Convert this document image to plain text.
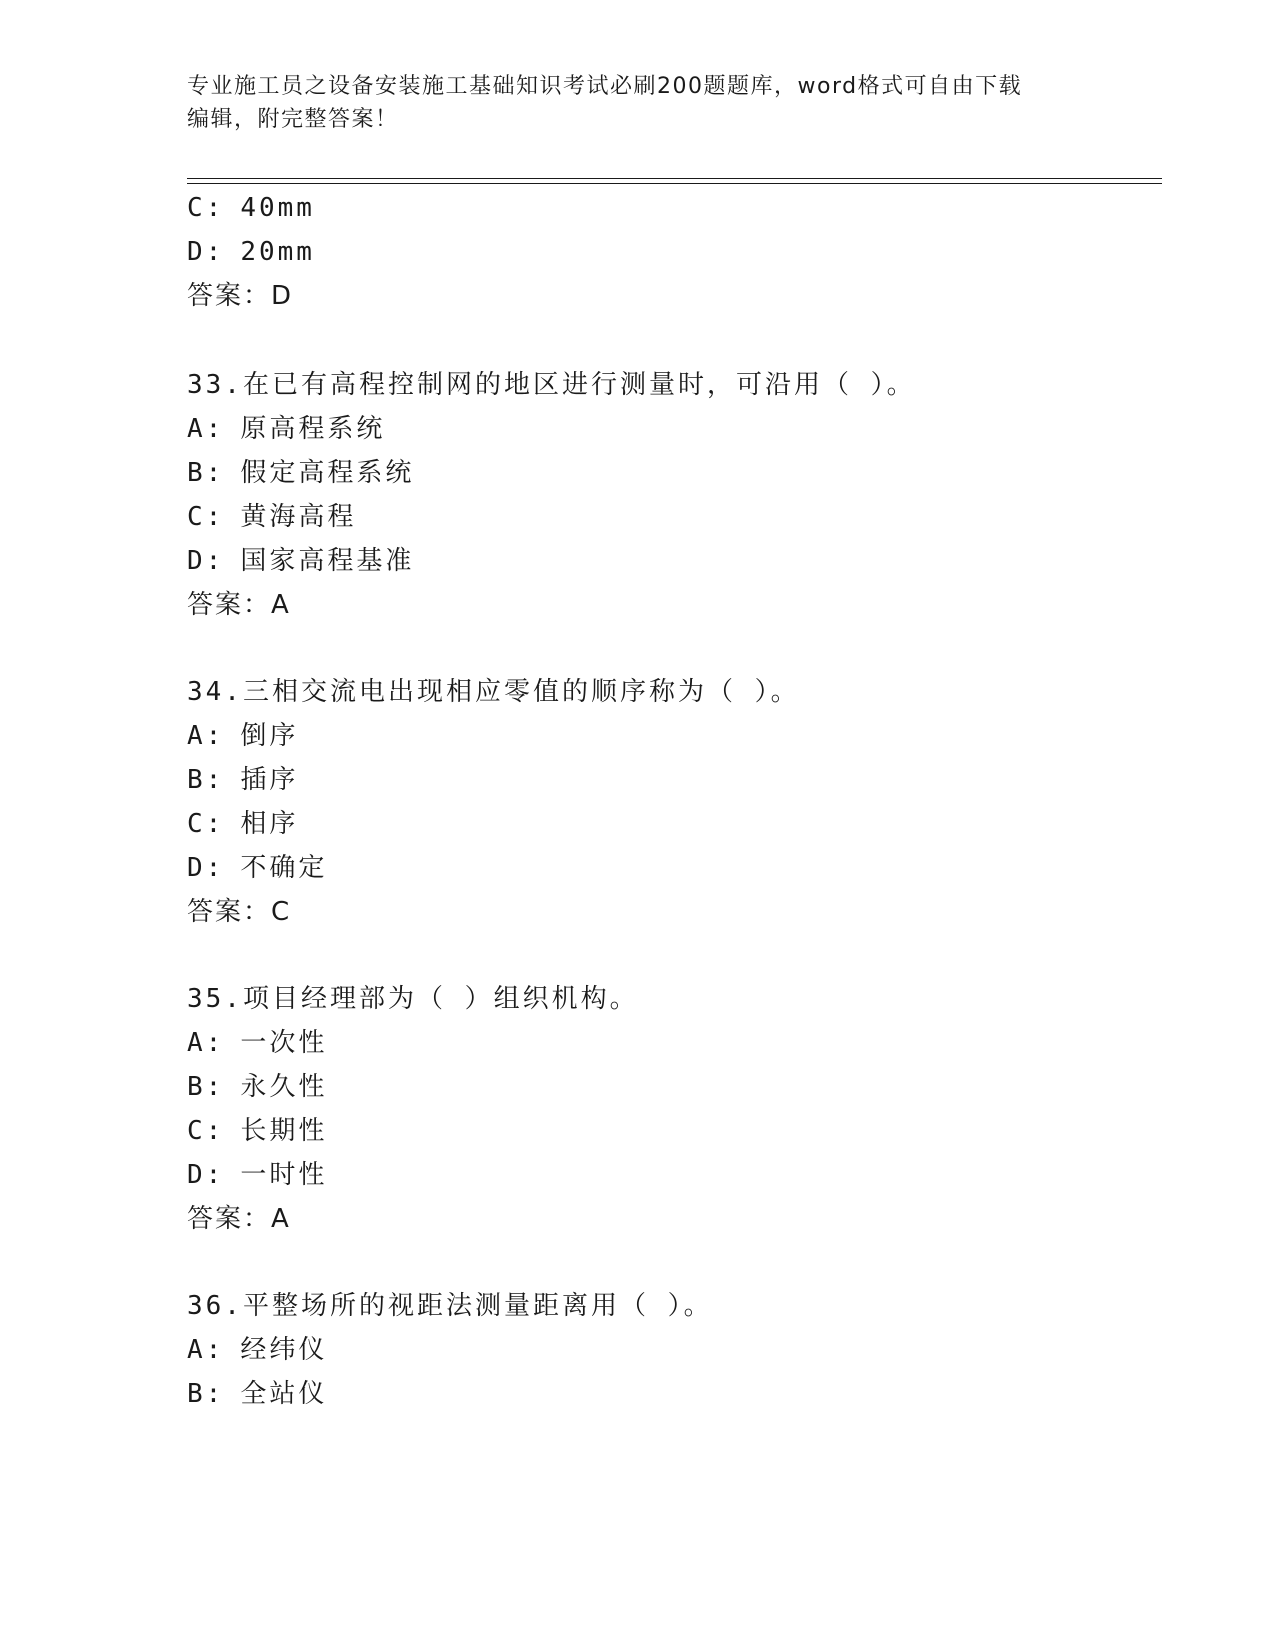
专业施工员之设备安装施工基础知识考试必刷200题题库，word格式可自由下载
编辑，附完整答案！
C: 40mm
D: 20mm
答案：D
33.在已有高程控制网的地区进行测量时，可沿用（ ）。
A: 原高程系统
B: 假定高程系统
C: 黄海高程
D: 国家高程基准
答案：A
34.三相交流电出现相应零值的顺序称为（ ）。
A: 倒序
B: 插序
C: 相序
D: 不确定
答案：C
35.项目经理部为（ ）组织机构。
A: 一次性
B: 永久性
C: 长期性
D: 一时性
答案：A
36.平整场所的视距法测量距离用（ ）。
A: 经纬仪
B: 全站仪
